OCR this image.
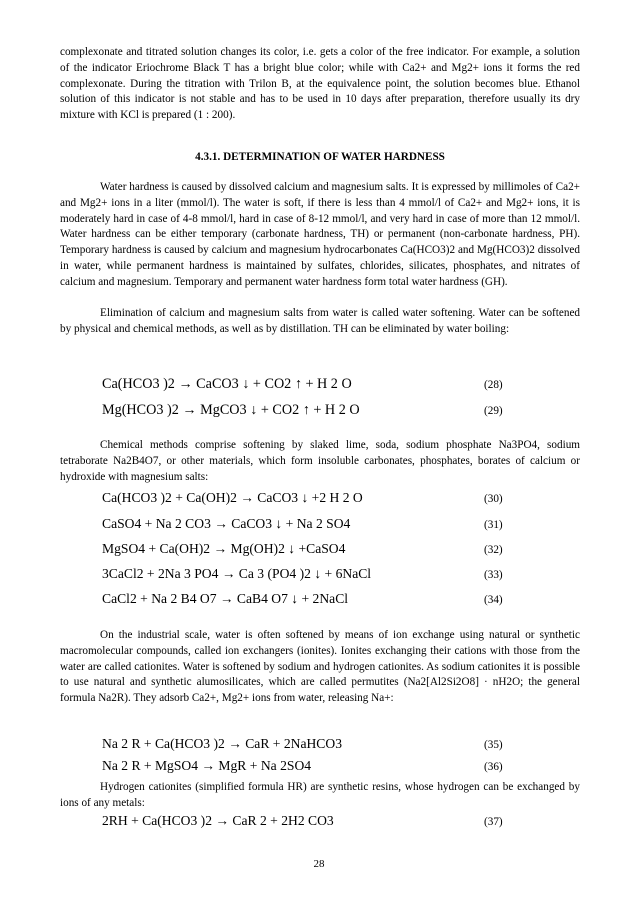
complexonate and titrated solution changes its color, i.e. gets a color of the free indicator. For example, a solution of the indicator Eriochrome Black T has a bright blue color; while with Ca2+ and Mg2+ ions it forms the red complexonate. During the titration with Trilon B, at the equivalence point, the solution becomes blue. Ethanol solution of this indicator is not stable and has to be used in 10 days after preparation, therefore usually its dry mixture with KCl is prepared (1 : 200).

4.3.1. DETERMINATION OF WATER HARDNESS

Water hardness is caused by dissolved calcium and magnesium salts. It is expressed by millimoles of Ca2+ and Mg2+ ions in a liter (mmol/l). The water is soft, if there is less than 4 mmol/l of Ca2+ and Mg2+ ions, it is moderately hard in case of 4-8 mmol/l, hard in case of 8-12 mmol/l, and very hard in case of more than 12 mmol/l. Water hardness can be either temporary (carbonate hardness, TH) or permanent (non-carbonate hardness, PH). Temporary hardness is caused by calcium and magnesium hydrocarbonates Ca(HCO3)2 and Mg(HCO3)2 dissolved in water, while permanent hardness is maintained by sulfates, chlorides, silicates, phosphates, and nitrates of calcium and magnesium. Temporary and permanent water hardness form total water hardness (GH).

Elimination of calcium and magnesium salts from water is called water softening. Water can be softened by physical and chemical methods, as well as by distillation. TH can be eliminated by water boiling:

Ca(HCO3 )2 → CaCO3 ↓ + CO2 ↑ + H 2 O	(28)
Mg(HCO3 )2 → MgCO3 ↓ + CO2 ↑ + H 2 O	(29)

Chemical methods comprise softening by slaked lime, soda, sodium phosphate Na3PO4, sodium tetraborate Na2B4O7, or other materials, which form insoluble carbonates, phosphates, borates of calcium or hydroxide with magnesium salts:

Ca(HCO3 )2 + Ca(OH)2 → CaCO3 ↓ +2 H 2 O	(30)
CaSO4 + Na 2 CO3 → CaCO3 ↓ + Na 2 SO4	(31)
MgSO4 + Ca(OH)2 → Mg(OH)2 ↓ +CaSO4	(32)
3CaCl2 + 2Na 3 PO4 → Ca 3 (PO4 )2 ↓ + 6NaCl	(33)
CaCl2 + Na 2 B4 O7 → CaB4 O7 ↓ + 2NaCl	(34)

On the industrial scale, water is often softened by means of ion exchange using natural or synthetic macromolecular compounds, called ion exchangers (ionites). Ionites exchanging their cations with those from the water are called cationites. Water is softened by sodium and hydrogen cationites. As sodium cationites it is possible to use natural and synthetic alumosilicates, which are called permutites (Na2[Al2Si2O8] · nH2O; the general formula Na2R). They adsorb Ca2+, Mg2+ ions from water, releasing Na+:

Na 2 R + Ca(HCO3 )2 → CaR + 2NaHCO3	(35)
Na 2 R + MgSO4 → MgR + Na 2SO4	(36)

Hydrogen cationites (simplified formula HR) are synthetic resins, whose hydrogen can be exchanged by ions of any metals:

2RH + Ca(HCO3 )2 → CaR 2 + 2H2 CO3	(37)
28
